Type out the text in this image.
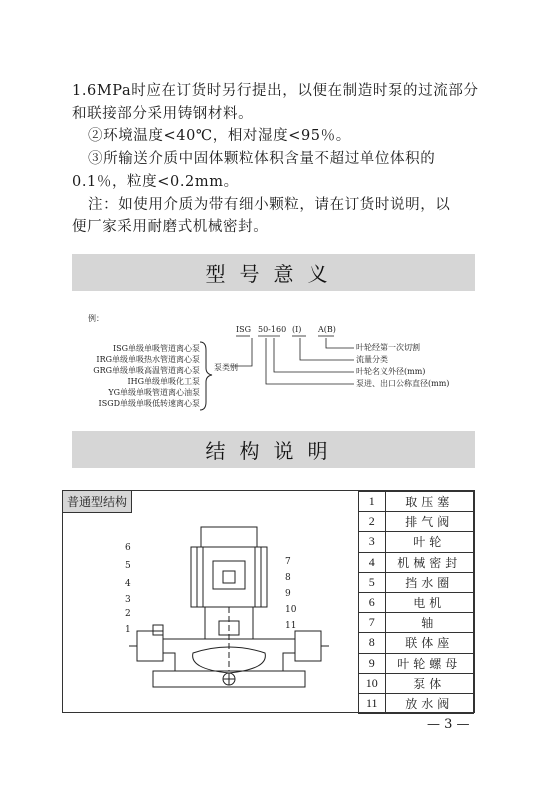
1.6MPa时应在订货时另行提出，以便在制造时泵的过流部分
和联接部分采用铸钢材料。
②环境温度<40℃，相对湿度<95％。
③所输送介质中固体颗粒体积含量不超过单位体积的
0.1％，粒度<0.2mm。
注：如使用介质为带有细小颗粒，请在订货时说明，以
便厂家采用耐磨式机械密封。
型号意义
例：
ISG单级单吸管道离心泵
IRG单级单吸热水管道离心泵
GRG单级单吸高温管道离心泵
IHG单级单吸化工泵
YG单级单吸管道离心油泵
ISGD单级单吸低转速离心泵
泵类别
ISG 50-160 (I) A(B)
叶轮经第一次切割
流量分类
叶轮名义外径(mm)
泵进、出口公称直径(mm)
结构说明
普通型结构
6
5
4
3
2
1
7
8
9
10
11
1	取压塞
2	排气阀
3	叶轮
4	机械密封
5	挡水圈
6	电机
7	轴
8	联体座
9	叶轮螺母
10	泵体
11	放水阀
— 3 —
